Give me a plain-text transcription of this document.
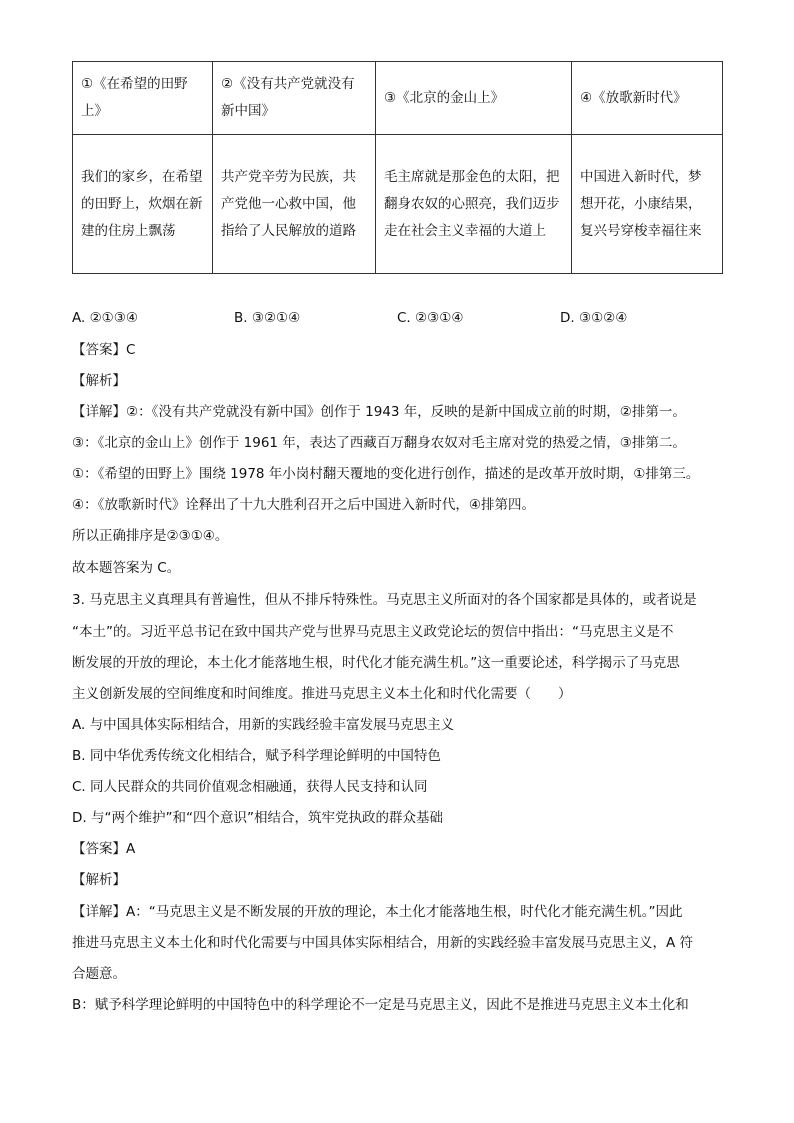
①《在希望的田野上》	②《没有共产党就没有新中国》	③《北京的金山上》	④《放歌新时代》
我们的家乡，在希望的田野上，炊烟在新建的住房上飘荡	共产党辛劳为民族，共产党他一心救中国，他指给了人民解放的道路	毛主席就是那金色的太阳，把翻身农奴的心照亮，我们迈步走在社会主义幸福的大道上	中国进入新时代，梦想开花，小康结果，复兴号穿梭幸福往来
A. ②①③④	B. ③②①④	C. ②③①④	D. ③①②④
【答案】C
【解析】
【详解】②：《没有共产党就没有新中国》创作于 1943 年，反映的是新中国成立前的时期，②排第一。
③：《北京的金山上》创作于 1961 年，表达了西藏百万翻身农奴对毛主席对党的热爱之情，③排第二。
①：《希望的田野上》围绕 1978 年小岗村翻天覆地的变化进行创作，描述的是改革开放时期，①排第三。
④：《放歌新时代》诠释出了十九大胜利召开之后中国进入新时代，④排第四。
所以正确排序是②③①④。
故本题答案为 C。
3. 马克思主义真理具有普遍性，但从不排斥特殊性。马克思主义所面对的各个国家都是具体的，或者说是
“本土”的。习近平总书记在致中国共产党与世界马克思主义政党论坛的贺信中指出：“马克思主义是不
断发展的开放的理论，本土化才能落地生根，时代化才能充满生机。”这一重要论述，科学揭示了马克思
主义创新发展的空间维度和时间维度。推进马克思主义本土化和时代化需要（　　）
A. 与中国具体实际相结合，用新的实践经验丰富发展马克思主义
B. 同中华优秀传统文化相结合，赋予科学理论鲜明的中国特色
C. 同人民群众的共同价值观念相融通，获得人民支持和认同
D. 与“两个维护”和“四个意识”相结合，筑牢党执政的群众基础
【答案】A
【解析】
【详解】A：“马克思主义是不断发展的开放的理论，本土化才能落地生根，时代化才能充满生机。”因此
推进马克思主义本土化和时代化需要与中国具体实际相结合，用新的实践经验丰富发展马克思主义，A 符
合题意。
B：赋予科学理论鲜明的中国特色中的科学理论不一定是马克思主义，因此不是推进马克思主义本土化和
